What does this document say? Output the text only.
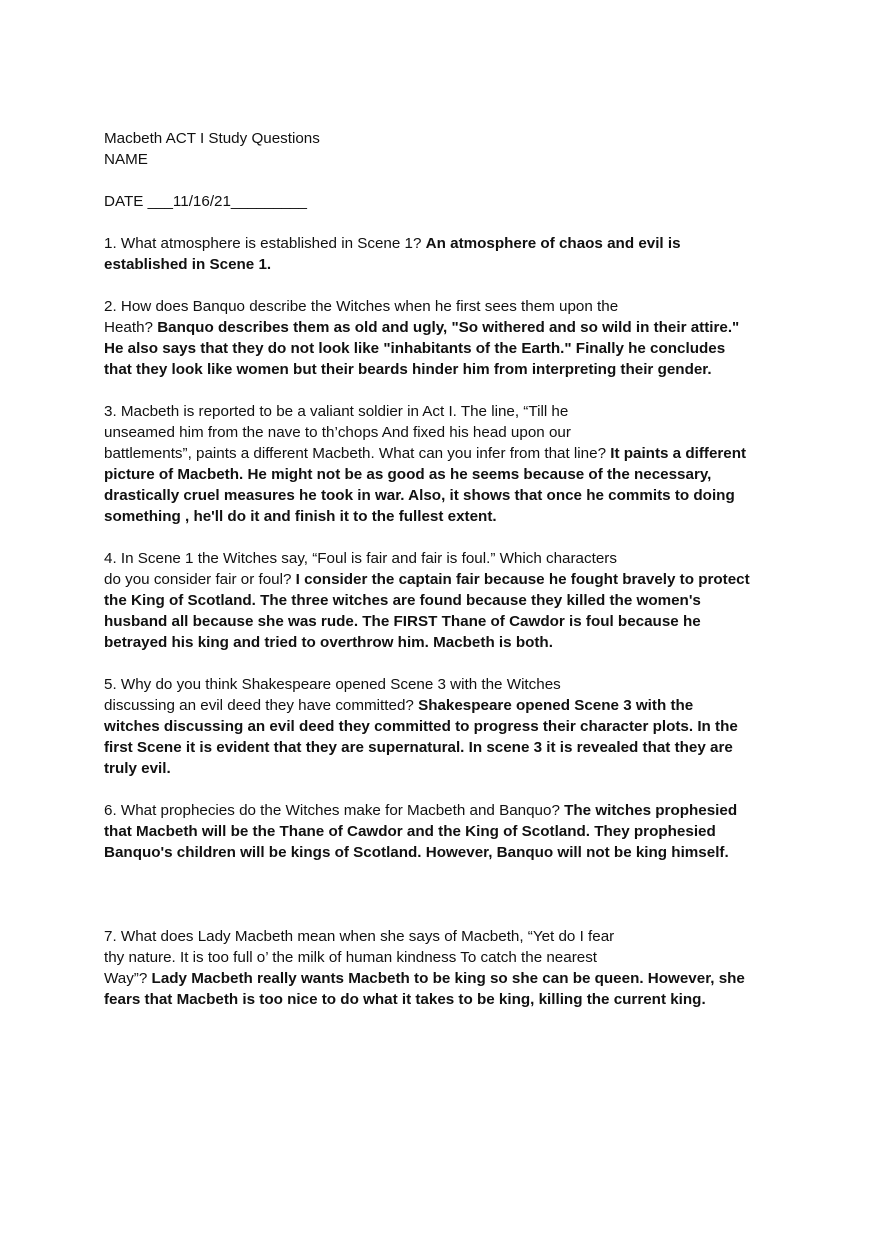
Macbeth ACT I Study Questions
NAME
DATE ___11/16/21_________
1. What atmosphere is established in Scene 1? An atmosphere of chaos and evil is
established in Scene 1.
2. How does Banquo describe the Witches when he first sees them upon the
Heath? Banquo describes them as old and ugly, "So withered and so wild in their attire."
He also says that they do not look like "inhabitants of the Earth." Finally he concludes
that they look like women but their beards hinder him from interpreting their gender.
3. Macbeth is reported to be a valiant soldier in Act I. The line, “Till he
unseamed him from the nave to th’chops And fixed his head upon our
battlements”, paints a different Macbeth. What can you infer from that line? It paints a different
picture of Macbeth. He might not be as good as he seems because of the necessary,
drastically cruel measures he took in war. Also, it shows that once he commits to doing
something , he'll do it and finish it to the fullest extent.
4. In Scene 1 the Witches say, “Foul is fair and fair is foul.” Which characters
do you consider fair or foul? I consider the captain fair because he fought bravely to protect
the King of Scotland. The three witches are found because they killed the women's
husband all because she was rude. The FIRST Thane of Cawdor is foul because he
betrayed his king and tried to overthrow him. Macbeth is both.
5. Why do you think Shakespeare opened Scene 3 with the Witches
discussing an evil deed they have committed? Shakespeare opened Scene 3 with the
witches discussing an evil deed they committed to progress their character plots. In the
first Scene it is evident that they are supernatural. In scene 3 it is revealed that they are
truly evil.
6. What prophecies do the Witches make for Macbeth and Banquo? The witches prophesied
that Macbeth will be the Thane of Cawdor and the King of Scotland. They prophesied
Banquo's children will be kings of Scotland. However, Banquo will not be king himself.
7. What does Lady Macbeth mean when she says of Macbeth, “Yet do I fear
thy nature. It is too full o’ the milk of human kindness To catch the nearest
Way”? Lady Macbeth really wants Macbeth to be king so she can be queen. However, she
fears that Macbeth is too nice to do what it takes to be king, killing the current king.
